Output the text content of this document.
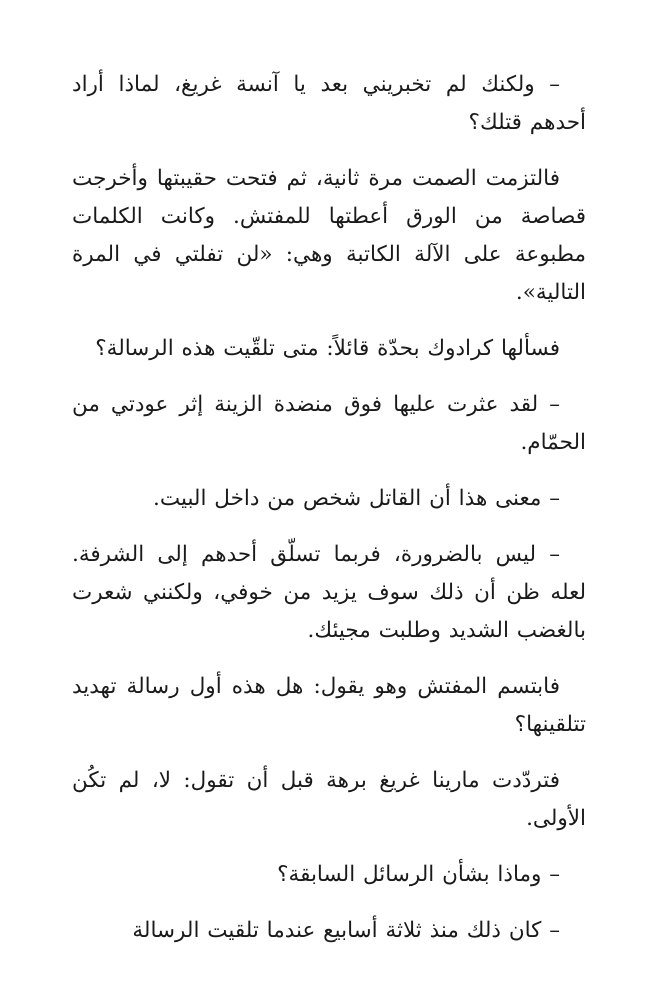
– ولكنك لم تخبريني بعد يا آنسة غريغ، لماذا أراد أحدهم قتلك؟

فالتزمت الصمت مرة ثانية، ثم فتحت حقيبتها وأخرجت قصاصة من الورق أعطتها للمفتش. وكانت الكلمات مطبوعة على الآلة الكاتبة وهي: «لن تفلتي في المرة التالية».

فسألها كرادوك بحدّة قائلاً: متى تلقّيت هذه الرسالة؟

– لقد عثرت عليها فوق منضدة الزينة إثر عودتي من الحمّام.

– معنى هذا أن القاتل شخص من داخل البيت.

– ليس بالضرورة، فربما تسلّق أحدهم إلى الشرفة. لعله ظن أن ذلك سوف يزيد من خوفي، ولكنني شعرت بالغضب الشديد وطلبت مجيئك.

فابتسم المفتش وهو يقول: هل هذه أول رسالة تهديد تتلقينها؟

فتردّدت مارينا غريغ برهة قبل أن تقول: لا، لم تكُن الأولى.

– وماذا بشأن الرسائل السابقة؟

– كان ذلك منذ ثلاثة أسابيع عندما تلقيت الرسالة
